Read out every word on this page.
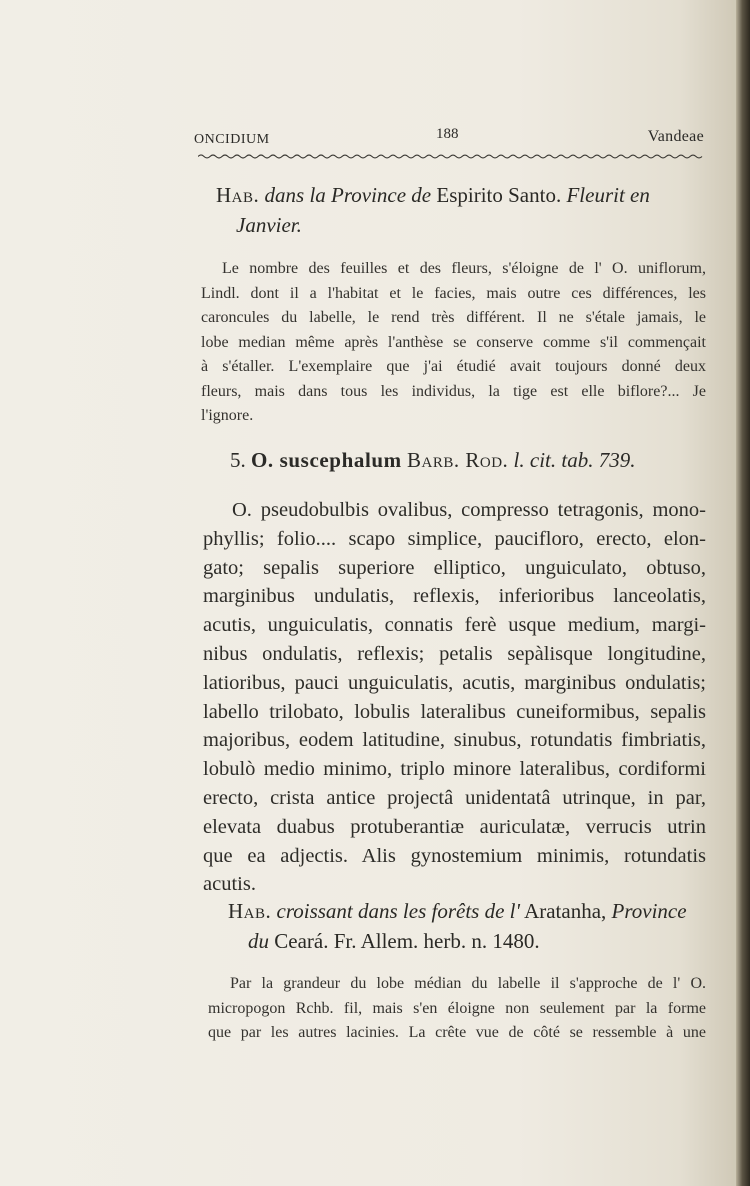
ONCIDIUM	188	Vandeae
Hab. dans la Province de Espirito Santo. Fleurit en
Janvier.
Le nombre des feuilles et des fleurs, s'éloigne de l' O. uniflorum,
Lindl. dont il a l'habitat et le facies, mais outre ces différences, les
caroncules du labelle, le rend très différent. Il ne s'étale jamais, le
lobe median même après l'anthèse se conserve comme s'il commençait
à s'étaller. L'exemplaire que j'ai étudié avait toujours donné deux
fleurs, mais dans tous les individus, la tige est elle biflore?... Je
l'ignore.
5. O. suscephalum Barb. Rod. l. cit. tab. 739.
O. pseudobulbis ovalibus, compresso tetragonis, mono-
phyllis; folio.... scapo simplice, paucifloro, erecto, elon-
gato; sepalis superiore elliptico, unguiculato, obtuso,
marginibus undulatis, reflexis, inferioribus lanceolatis,
acutis, unguiculatis, connatis ferè usque medium, margi-
nibus ondulatis, reflexis; petalis sepàlisque longitudine,
latioribus, pauci unguiculatis, acutis, marginibus ondulatis;
labello trilobato, lobulis lateralibus cuneiformibus, sepalis
majoribus, eodem latitudine, sinubus, rotundatis fimbriatis,
lobulò medio minimo, triplo minore lateralibus, cordiformi
erecto, crista antice projectâ unidentatâ utrinque, in par,
elevata duabus protuberantiæ auriculatæ, verrucis utrin
que ea adjectis. Alis gynostemium minimis, rotundatis
acutis.
Hab. croissant dans les forêts de l' Aratanha, Province
du Ceará. Fr. Allem. herb. n. 1480.
Par la grandeur du lobe médian du labelle il s'approche de l' O.
micropogon Rchb. fil, mais s'en éloigne non seulement par la forme
que par les autres lacinies. La crête vue de côté se ressemble à une
